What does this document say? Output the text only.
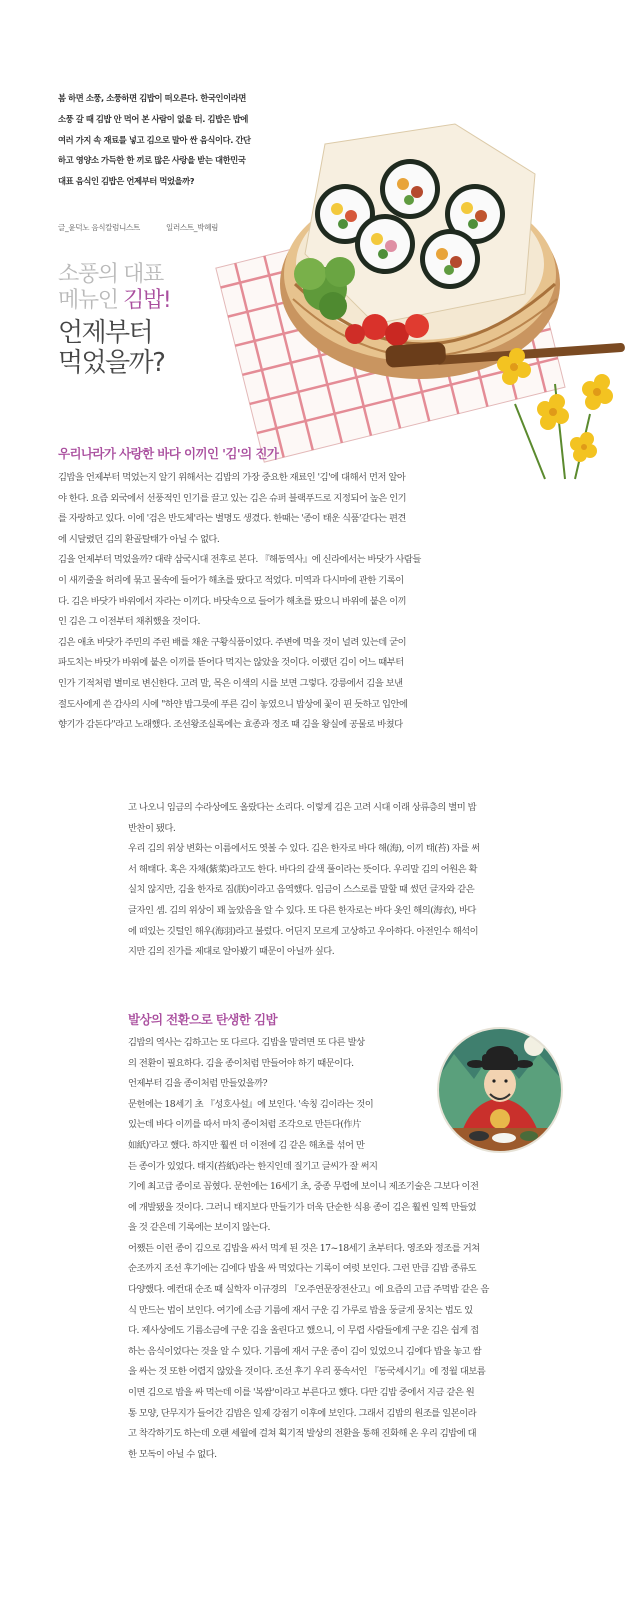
봄 하면 소풍, 소풍하면 김밥이 떠오른다. 한국인이라면
소풍 갈 때 김밥 안 먹어 본 사람이 없을 터. 김밥은 밥에
여러 가지 속 재료를 넣고 김으로 말아 싼 음식이다. 간단
하고 영양소 가득한 한 끼로 많은 사랑을 받는 대한민국
대표 음식인 김밥은 언제부터 먹었을까?
글_윤덕노 음식칼럼니스트	일러스트_박혜림
소풍의 대표
메뉴인 김밥!
언제부터
먹었을까?
우리나라가 사랑한 바다 이끼인 '김'의 진가

김밥을 언제부터 먹었는지 알기 위해서는 김밥의 가장 중요한 재료인 '김'에 대해서 먼저 알아

야 한다. 요즘 외국에서 선풍적인 인기를 끌고 있는 김은 슈퍼 블랙푸드로 지정되어 높은 인기

를 자랑하고 있다. 이에 '검은 반도체'라는 별명도 생겼다. 한때는 '종이 태운 식품'같다는 편견

에 시달렸던 김의 환골탈태가 아닐 수 없다.

김을 언제부터 먹었을까? 대략 삼국시대 전후로 본다. 『해동역사』에 신라에서는 바닷가 사람들

이 새끼줄을 허리에 묶고 물속에 들어가 해초를 땄다고 적었다. 미역과 다시마에 관한 기록이

다. 김은 바닷가 바위에서 자라는 이끼다. 바닷속으로 들어가 해초를 땄으니 바위에 붙은 이끼

인 김은 그 이전부터 채취했을 것이다.

김은 애초 바닷가 주민의 주린 배를 채운 구황식품이었다. 주변에 먹을 것이 널려 있는데 굳이

파도치는 바닷가 바위에 붙은 이끼를 뜯어다 먹지는 않았을 것이다. 이랬던 김이 어느 때부터

인가 기적처럼 별미로 변신한다. 고려 말, 목은 이색의 시를 보면 그렇다. 강릉에서 김을 보낸

절도사에게 쓴 감사의 시에 "하얀 밥그릇에 푸른 김이 놓였으니 밥상에 꽃이 핀 듯하고 입안에

향기가 감돈다"라고 노래했다. 조선왕조실록에는 효종과 정조 때 김을 왕실에 공물로 바쳤다

고 나오니 임금의 수라상에도 올랐다는 소리다. 이렇게 김은 고려 시대 이래 상류층의 별미 밥

반찬이 됐다.

우리 김의 위상 변화는 이름에서도 엿볼 수 있다. 김은 한자로 바다 해(海), 이끼 태(苔) 자를 써

서 해태다. 혹은 자채(紫菜)라고도 한다. 바다의 갈색 풀이라는 뜻이다. 우리말 김의 어원은 확

실치 않지만, 김을 한자로 짐(朕)이라고 음역했다. 임금이 스스로를 말할 때 썼던 글자와 같은

글자인 셈. 김의 위상이 꽤 높았음을 알 수 있다. 또 다른 한자로는 바다 옷인 해의(海衣), 바다

에 떠있는 깃털인 해우(海羽)라고 불렀다. 어딘지 모르게 고상하고 우아하다. 아전인수 해석이

지만 김의 진가를 제대로 알아봤기 때문이 아닐까 싶다.

발상의 전환으로 탄생한 김밥

김밥의 역사는 김하고는 또 다르다. 김밥을 말려면 또 다른 발상

의 전환이 필요하다. 김을 종이처럼 만들어야 하기 때문이다.

언제부터 김을 종이처럼 만들었을까?

문헌에는 18세기 초 『성호사설』에 보인다. '속칭 김이라는 것이

있는데 바다 이끼를 따서 마치 종이처럼 조각으로 만든다(作片

如紙)'라고 했다. 하지만 훨씬 더 이전에 김 같은 해초를 섞어 만

든 종이가 있었다. 태지(苔紙)라는 한지인데 질기고 글씨가 잘 써지

기에 최고급 종이로 꼽혔다. 문헌에는 16세기 초, 중종 무렵에 보이니 제조기술은 그보다 이전

에 개발됐을 것이다. 그러니 태지보다 만들기가 더욱 단순한 식용 종이 김은 훨씬 일찍 만들었

을 것 같은데 기록에는 보이지 않는다.

어쨌든 이런 종이 김으로 김밥을 싸서 먹게 된 것은 17~18세기 초부터다. 영조와 정조를 거쳐

순조까지 조선 후기에는 김에다 밥을 싸 먹었다는 기록이 여럿 보인다. 그런 만큼 김밥 종류도

다양했다. 예컨대 순조 때 실학자 이규경의 『오주연문장전산고』에 요즘의 고급 주먹밥 같은 음

식 만드는 법이 보인다. 여기에 소금 기름에 재서 구운 김 가루로 밥을 둥글게 뭉치는 법도 있

다. 제사상에도 기름소금에 구운 김을 올린다고 했으니, 이 무렵 사람들에게 구운 김은 쉽게 접

하는 음식이었다는 것을 알 수 있다. 기름에 재서 구운 종이 김이 있었으니 김에다 밥을 놓고 쌈

을 싸는 것 또한 어렵지 않았을 것이다. 조선 후기 우리 풍속서인 『동국세시기』에 정월 대보름

이면 김으로 밥을 싸 먹는데 이를 '복쌈'이라고 부른다고 했다. 다만 김밥 중에서 지금 같은 원

통 모양, 단무지가 들어간 김밥은 일제 강점기 이후에 보인다. 그래서 김밥의 원조를 일본이라

고 착각하기도 하는데 오랜 세월에 걸쳐 획기적 발상의 전환을 통해 진화해 온 우리 김밥에 대

한 모독이 아닐 수 없다.
